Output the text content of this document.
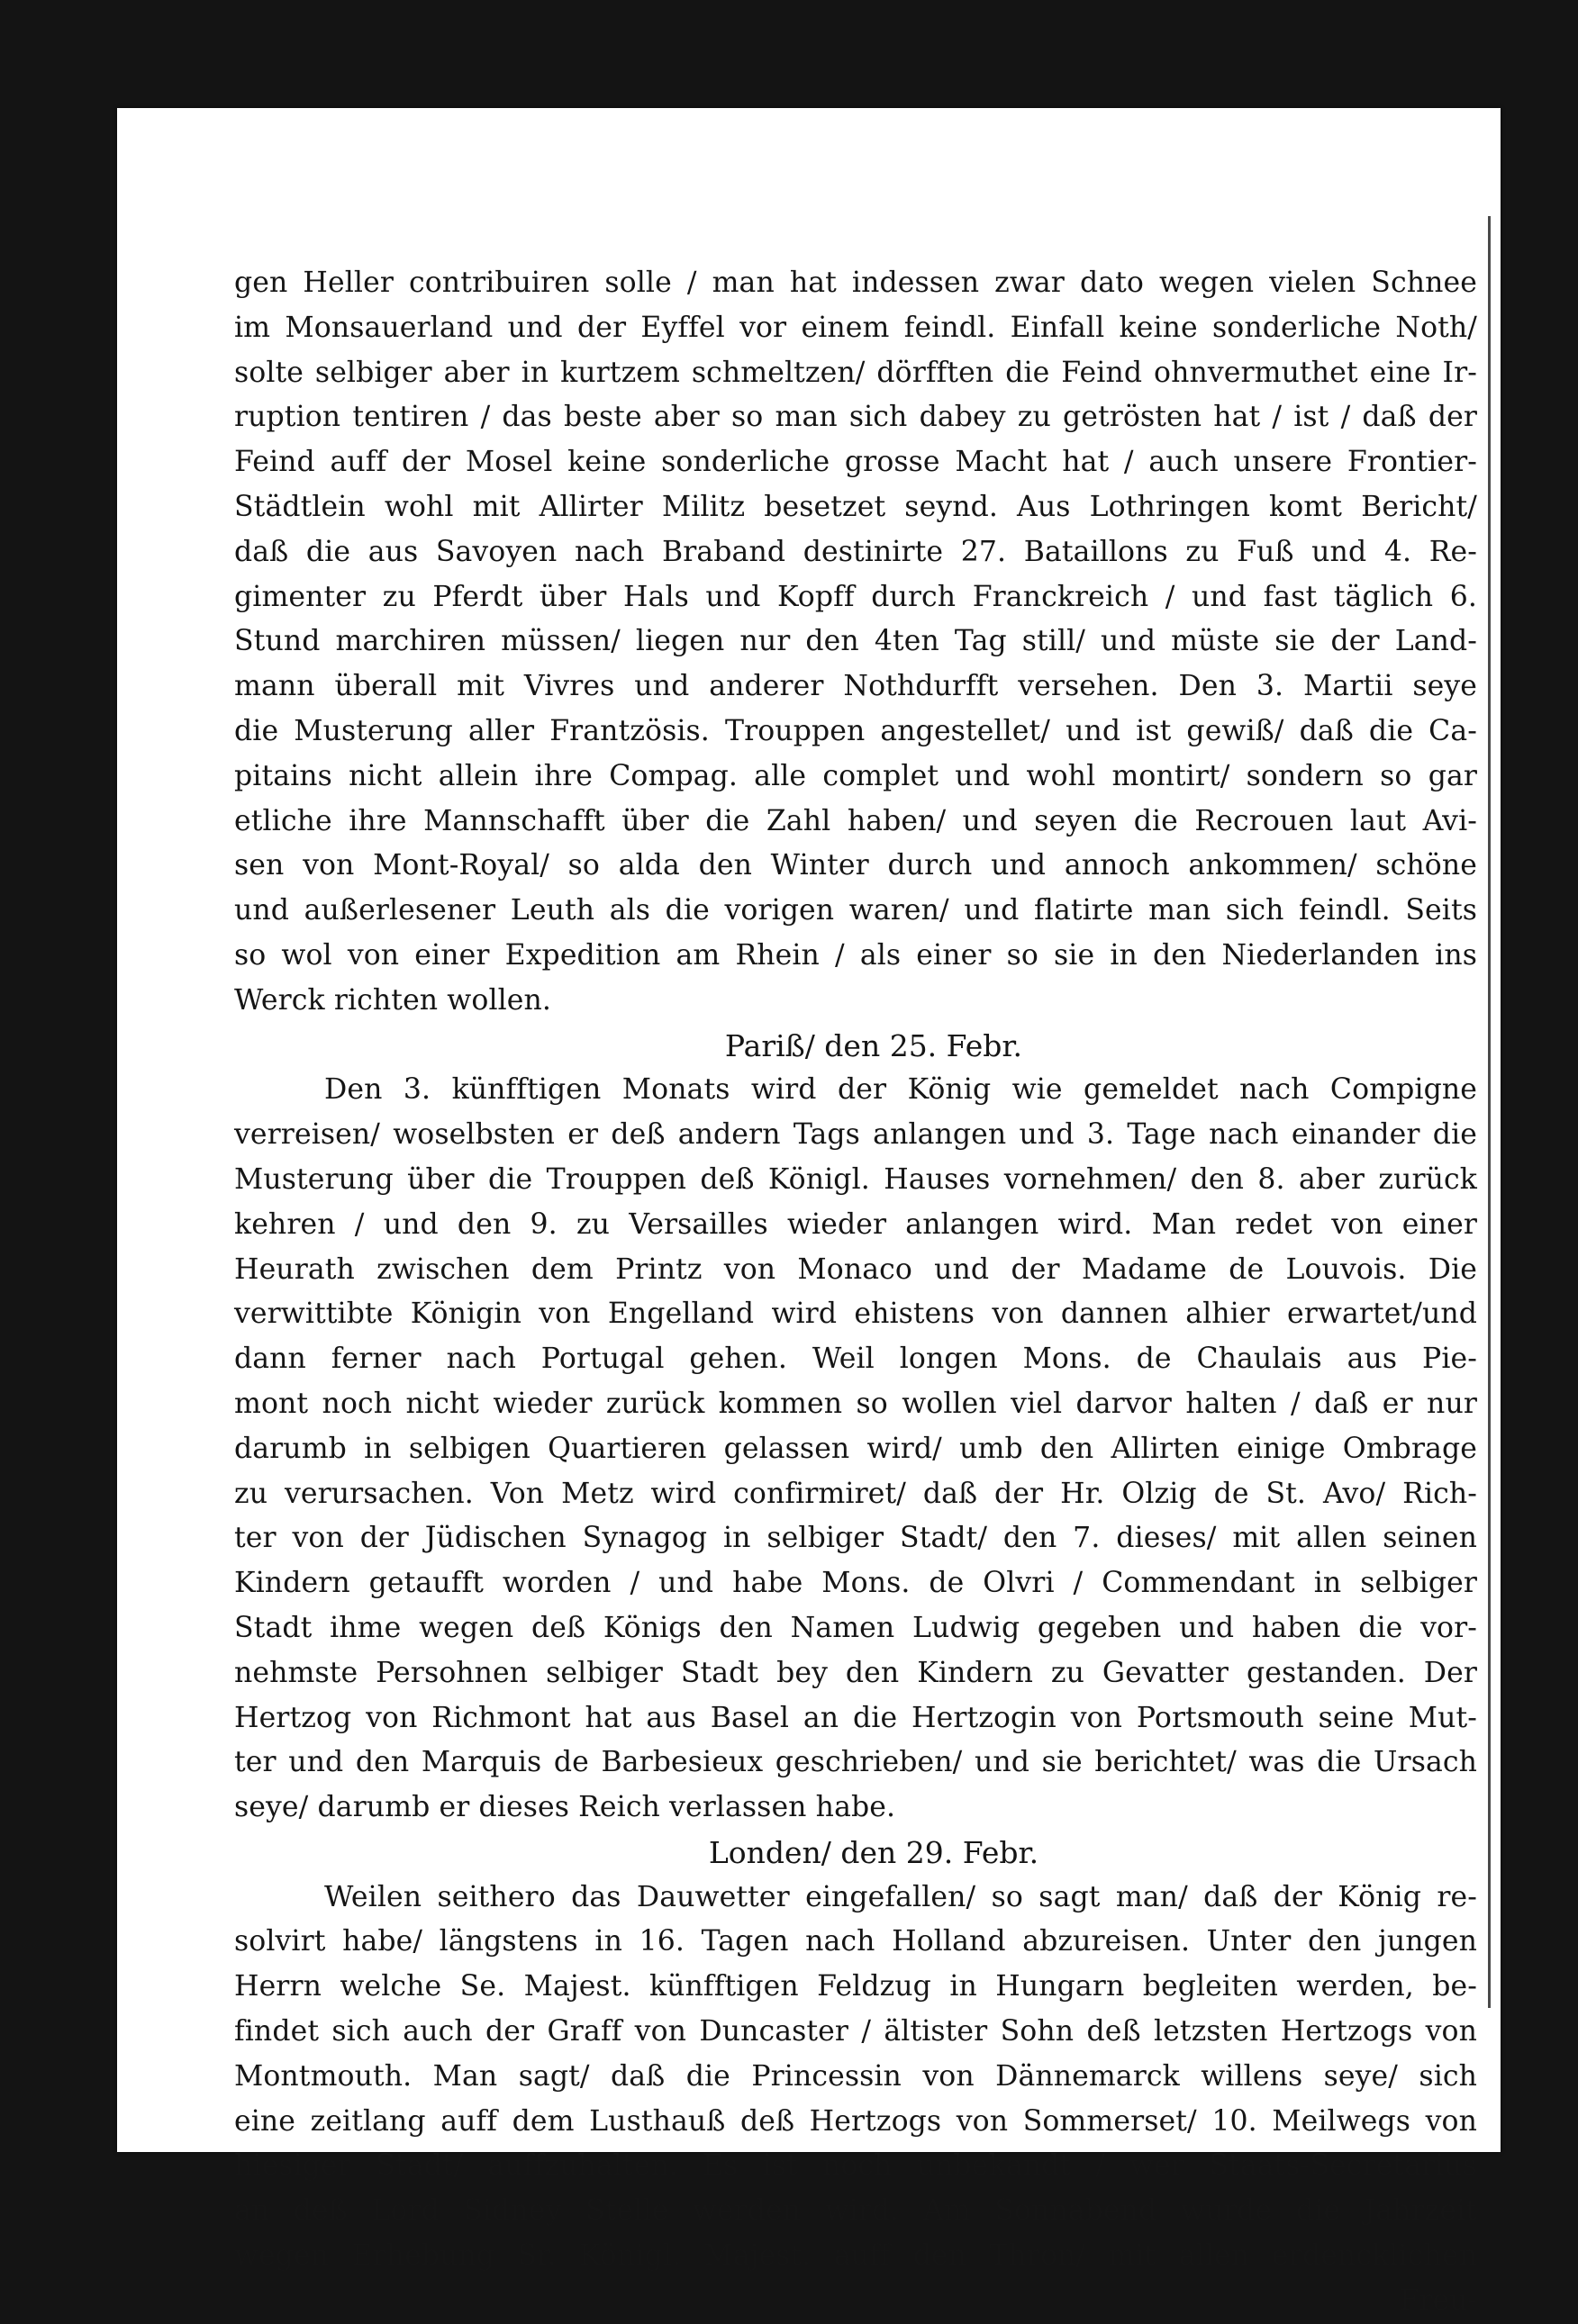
gen Heller contribuiren solle / man hat indessen zwar dato wegen vielen Schnee
im Monsauerland und der Eyffel vor einem feindl. Einfall keine sonderliche Noth/
solte selbiger aber in kurtzem schmeltzen/ dörfften die Feind ohnvermuthet eine Ir-
ruption tentiren / das beste aber so man sich dabey zu getrösten hat / ist / daß der
Feind auff der Mosel keine sonderliche grosse Macht hat / auch unsere Frontier-
Städtlein wohl mit Allirter Militz besetzet seynd. Aus Lothringen komt Bericht/
daß die aus Savoyen nach Braband destinirte 27. Bataillons zu Fuß und 4. Re-
gimenter zu Pferdt über Hals und Kopff durch Franckreich / und fast täglich 6.
Stund marchiren müssen/ liegen nur den 4ten Tag still/ und müste sie der Land-
mann überall mit Vivres und anderer Nothdurfft versehen. Den 3. Martii seye
die Musterung aller Frantzösis. Trouppen angestellet/ und ist gewiß/ daß die Ca-
pitains nicht allein ihre Compag. alle complet und wohl montirt/ sondern so gar
etliche ihre Mannschafft über die Zahl haben/ und seyen die Recrouen laut Avi-
sen von Mont-Royal/ so alda den Winter durch und annoch ankommen/ schöne
und außerlesener Leuth als die vorigen waren/ und flatirte man sich feindl. Seits
so wol von einer Expedition am Rhein / als einer so sie in den Niederlanden ins
Werck richten wollen.
Pariß/ den 25. Febr.
Den 3. künfftigen Monats wird der König wie gemeldet nach Compigne
verreisen/ woselbsten er deß andern Tags anlangen und 3. Tage nach einander die
Musterung über die Trouppen deß Königl. Hauses vornehmen/ den 8. aber zurück
kehren / und den 9. zu Versailles wieder anlangen wird. Man redet von einer
Heurath zwischen dem Printz von Monaco und der Madame de Louvois. Die
verwittibte Königin von Engelland wird ehistens von dannen alhier erwartet/und
dann ferner nach Portugal gehen. Weil longen Mons. de Chaulais aus Pie-
mont noch nicht wieder zurück kommen so wollen viel darvor halten / daß er nur
darumb in selbigen Quartieren gelassen wird/ umb den Allirten einige Ombrage
zu verursachen. Von Metz wird confirmiret/ daß der Hr. Olzig de St. Avo/ Rich-
ter von der Jüdischen Synagog in selbiger Stadt/ den 7. dieses/ mit allen seinen
Kindern getaufft worden / und habe Mons. de Olvri / Commendant in selbiger
Stadt ihme wegen deß Königs den Namen Ludwig gegeben und haben die vor-
nehmste Persohnen selbiger Stadt bey den Kindern zu Gevatter gestanden. Der
Hertzog von Richmont hat aus Basel an die Hertzogin von Portsmouth seine Mut-
ter und den Marquis de Barbesieux geschrieben/ und sie berichtet/ was die Ursach
seye/ darumb er dieses Reich verlassen habe.
Londen/ den 29. Febr.
Weilen seithero das Dauwetter eingefallen/ so sagt man/ daß der König re-
solvirt habe/ längstens in 16. Tagen nach Holland abzureisen. Unter den jungen
Herrn welche Se. Majest. künfftigen Feldzug in Hungarn begleiten werden, be-
findet sich auch der Graff von Duncaster / ältister Sohn deß letzsten Hertzogs von
Montmouth. Man sagt/ daß die Princessin von Dännemarck willens seye/ sich
eine zeitlang auff dem Lusthauß deß Hertzogs von Sommerset/ 10. Meilwegs von
hiesiger Stadt/ auffzuhalten. Es ist noch unbekandt / wer Staats-Secretarius
an deß Lord Sidney Stelle werden wird. Am Sonnabend wurde die Jahrzeit
wegen Erhebung Sr. Königl. Majest. auff den Thron/ mit allen erdencklichen
Freu-
